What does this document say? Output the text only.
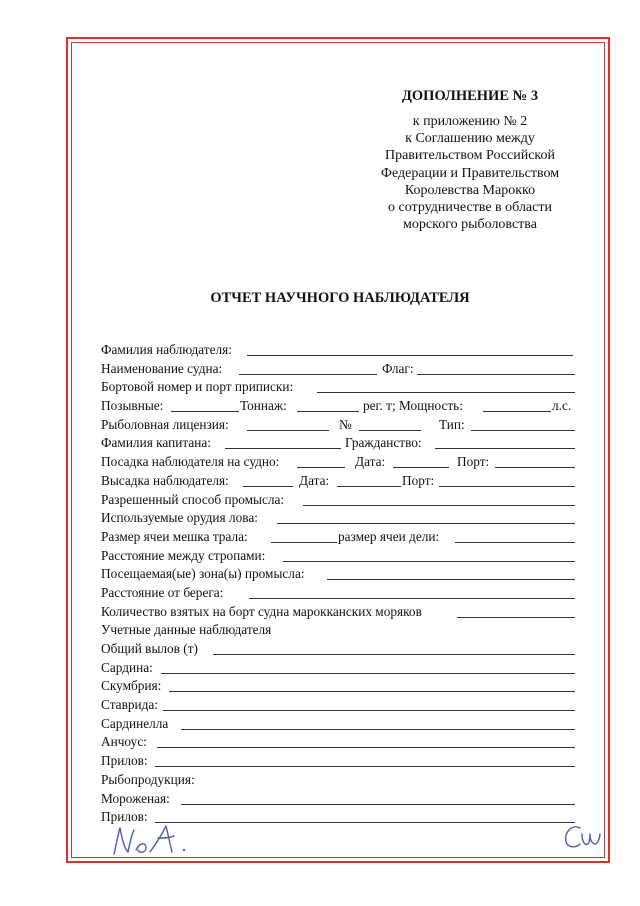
ДОПОЛНЕНИЕ № 3
к приложению № 2
к Соглашению между
Правительством Российской
Федерации и Правительством
Королевства Марокко
о сотрудничестве в области
морского рыболовства
ОТЧЕТ НАУЧНОГО НАБЛЮДАТЕЛЯ
Фамилия наблюдателя:
Наименование судна:	Флаг:
Бортовой номер и порт приписки:
Позывные:	Тоннаж:	рег. т; Мощность:	л.с.
Рыболовная лицензия:	№	Тип:
Фамилия капитана:	Гражданство:
Посадка наблюдателя на судно:	Дата:	Порт:
Высадка наблюдателя:	Дата:	Порт:
Разрешенный способ промысла:
Используемые орудия лова:
Размер ячеи мешка трала:	размер ячеи дели:
Расстояние между стропами:
Посещаемая(ые) зона(ы) промысла:
Расстояние от берега:
Количество взятых на борт судна марокканских моряков
Учетные данные наблюдателя
Общий вылов (т)
Сардина:
Скумбрия:
Ставрида:
Сардинелла
Анчоус:
Прилов:
Рыбопродукция:
Мороженая:
Прилов:
